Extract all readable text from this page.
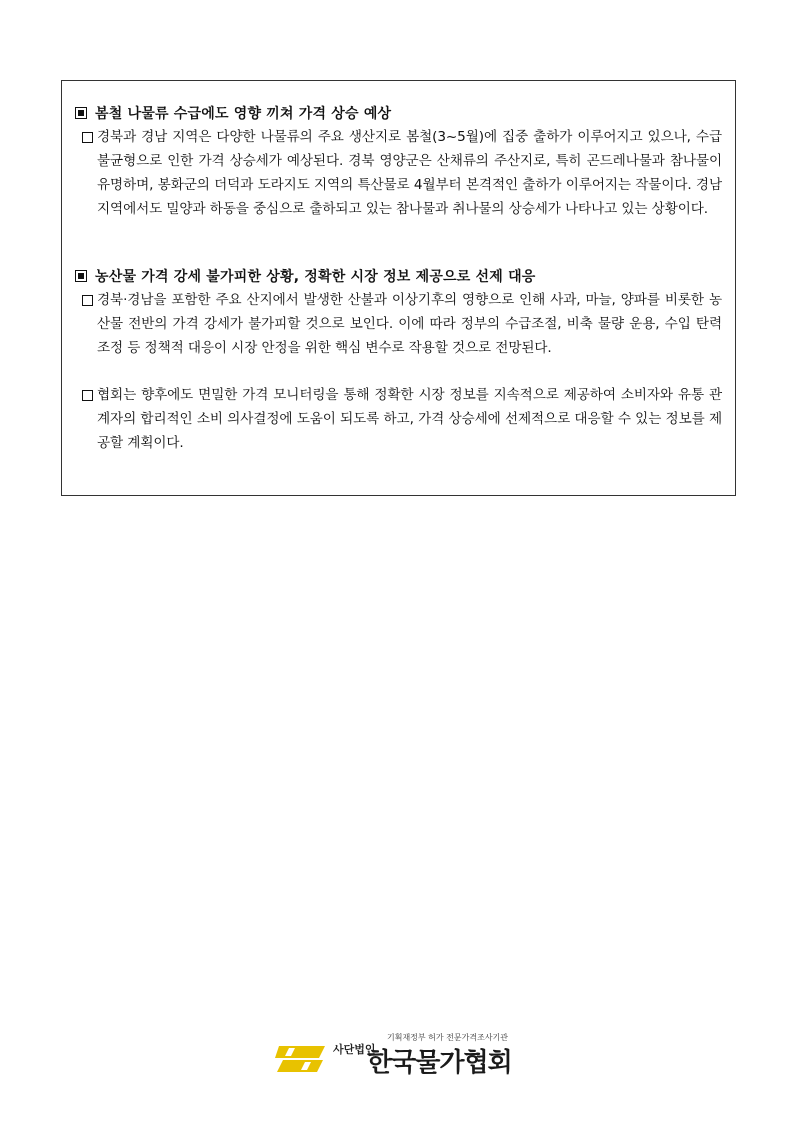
봄철 나물류 수급에도 영향 끼쳐 가격 상승 예상
경북과 경남 지역은 다양한 나물류의 주요 생산지로 봄철(3~5월)에 집중 출하가 이루어지고 있으나, 수급 불균형으로 인한 가격 상승세가 예상된다. 경북 영양군은 산채류의 주산지로, 특히 곤드레나물과 참나물이 유명하며, 봉화군의 더덕과 도라지도 지역의 특산물로 4월부터 본격적인 출하가 이루어지는 작물이다. 경남 지역에서도 밀양과 하동을 중심으로 출하되고 있는 참나물과 취나물의 상승세가 나타나고 있는 상황이다.
농산물 가격 강세 불가피한 상황, 정확한 시장 정보 제공으로 선제 대응
경북·경남을 포함한 주요 산지에서 발생한 산불과 이상기후의 영향으로 인해 사과, 마늘, 양파를 비롯한 농산물 전반의 가격 강세가 불가피할 것으로 보인다. 이에 따라 정부의 수급조절, 비축 물량 운용, 수입 탄력 조정 등 정책적 대응이 시장 안정을 위한 핵심 변수로 작용할 것으로 전망된다.
협회는 향후에도 면밀한 가격 모니터링을 통해 정확한 시장 정보를 지속적으로 제공하여 소비자와 유통 관계자의 합리적인 소비 의사결정에 도움이 되도록 하고, 가격 상승세에 선제적으로 대응할 수 있는 정보를 제공할 계획이다.
기획재정부 허가 전문가격조사기관
사단법인
한국물가협회
